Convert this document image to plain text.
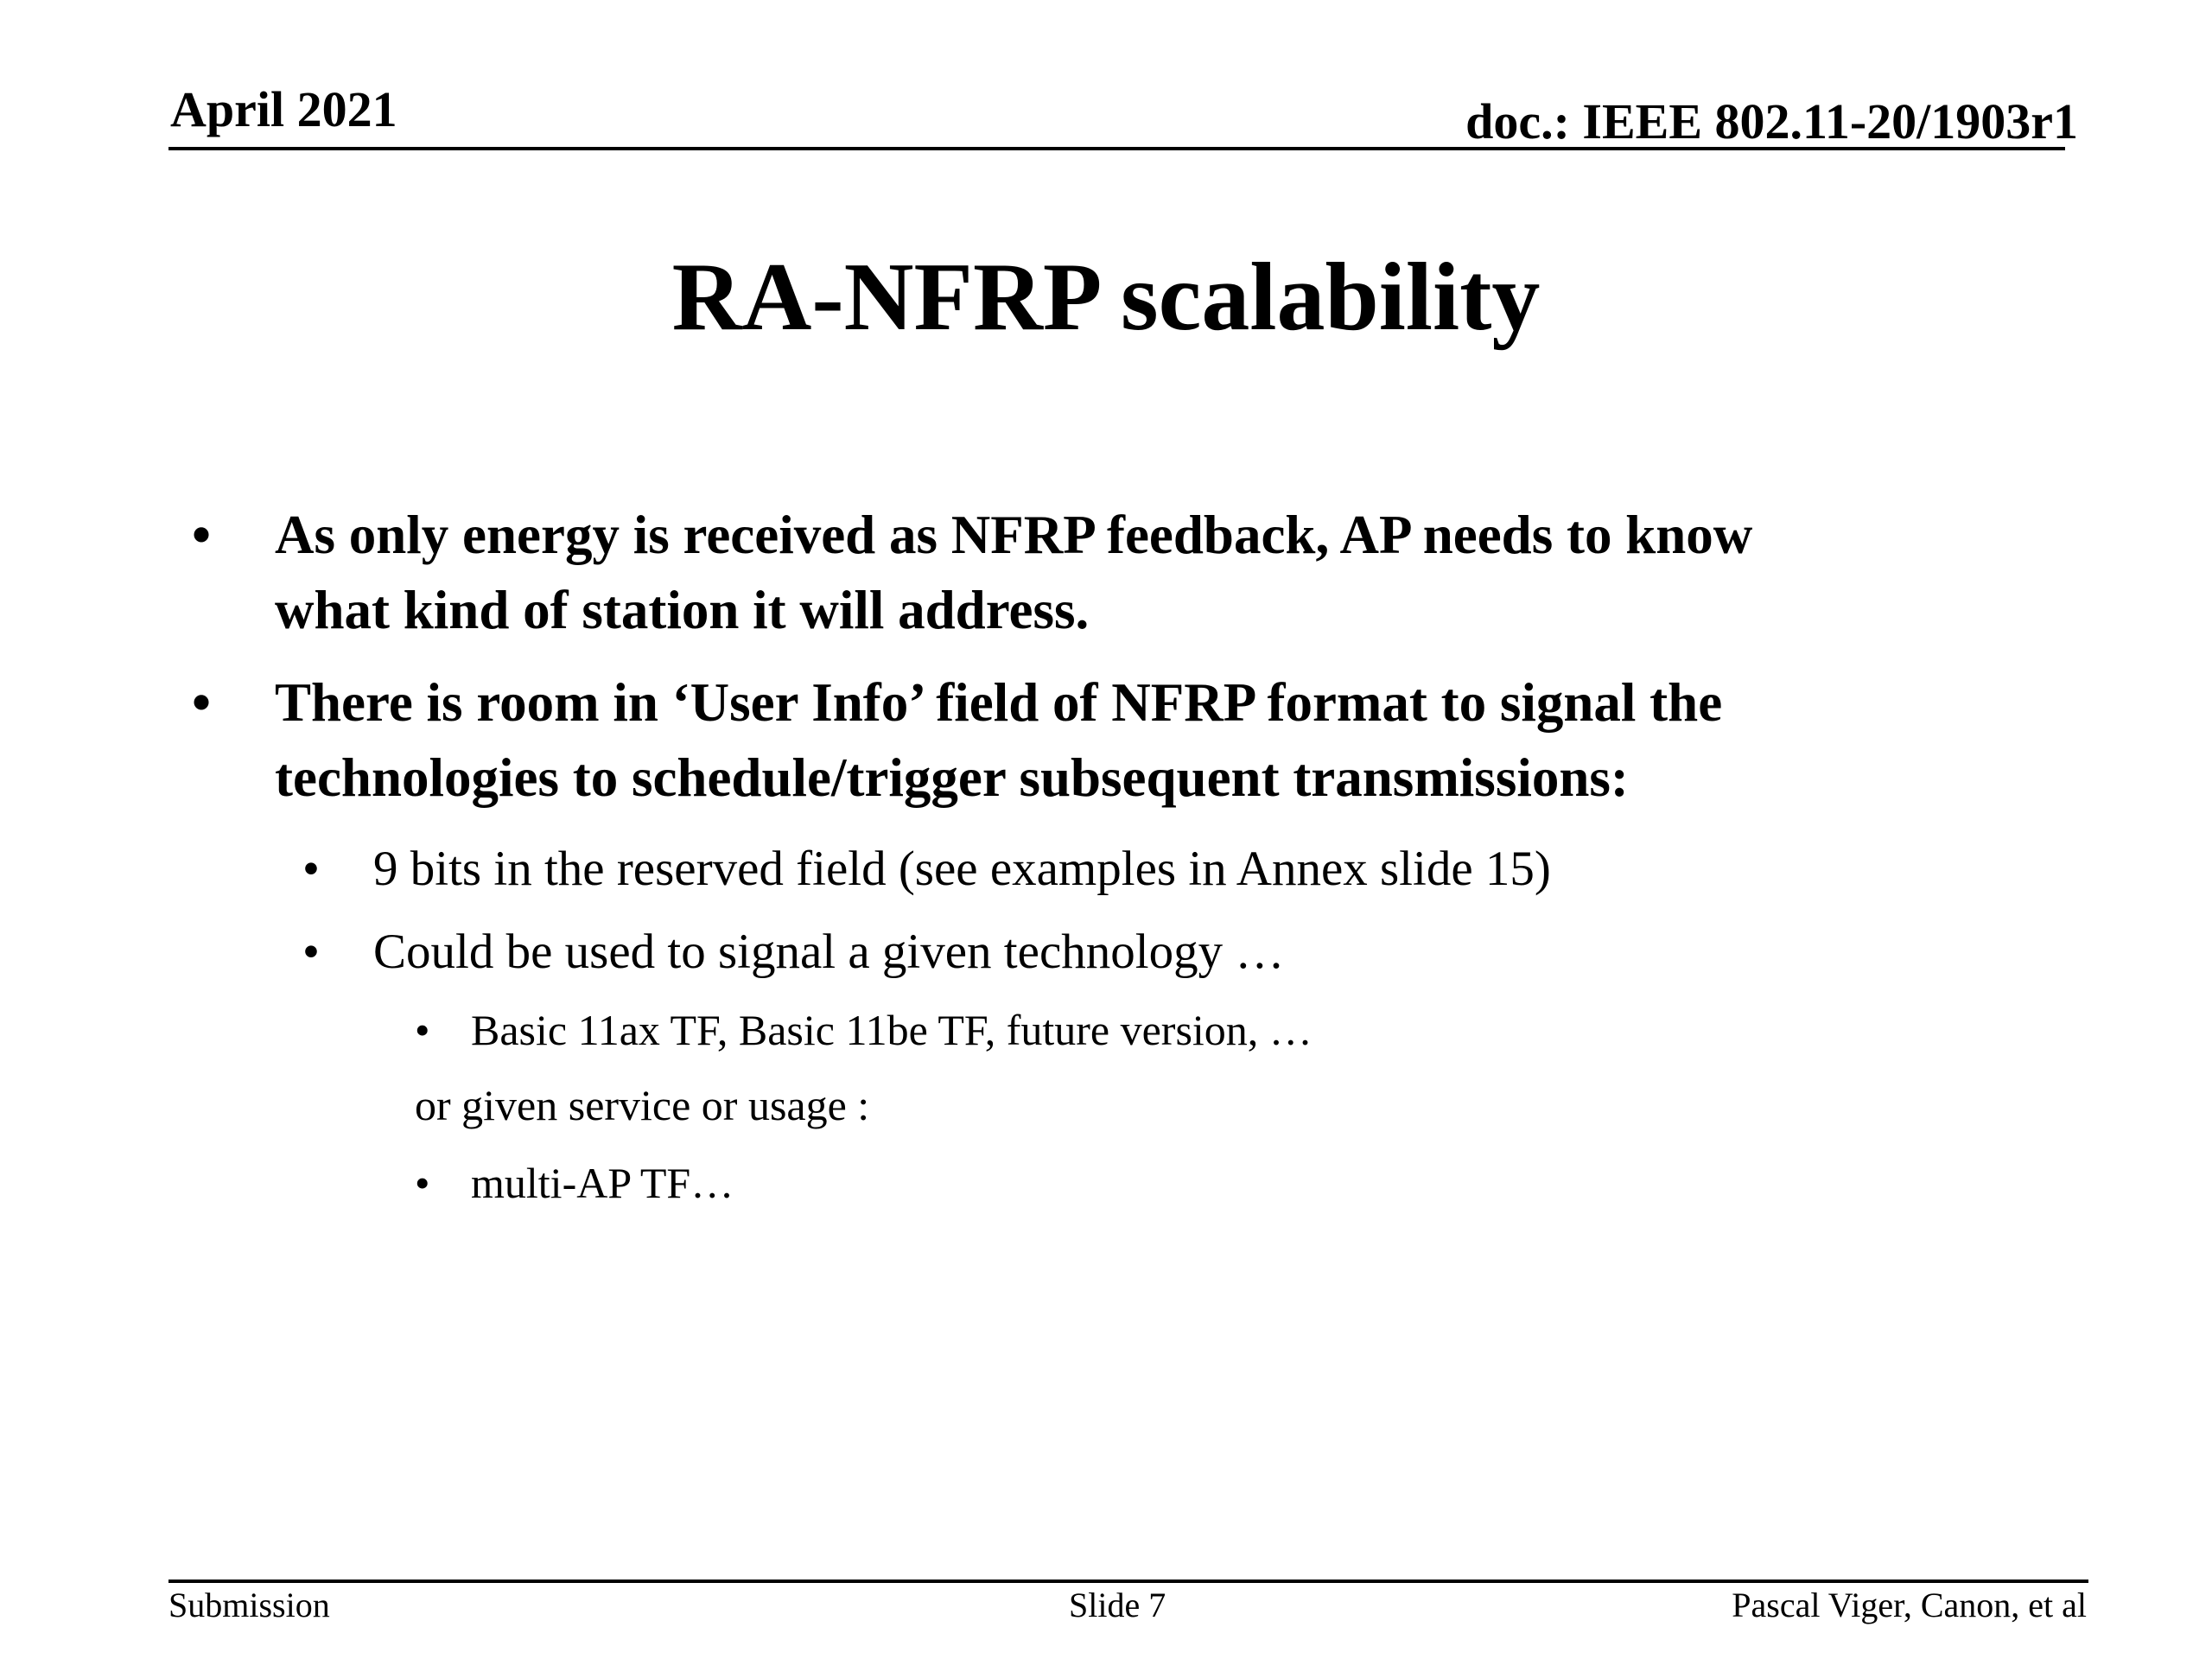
April 2021	doc.: IEEE 802.11-20/1903r1
RA-NFRP scalability
• As only energy is received as NFRP feedback, AP needs to know
what kind of station it will address.
• There is room in ‘User Info’ field of NFRP format to signal the
technologies to schedule/trigger subsequent transmissions:
• 9 bits in the reserved field (see examples in Annex slide 15)
• Could be used to signal a given technology …
• Basic 11ax TF, Basic 11be TF, future version, …
or given service or usage :
• multi-AP TF…
Submission	Slide 7	Pascal Viger, Canon, et al
